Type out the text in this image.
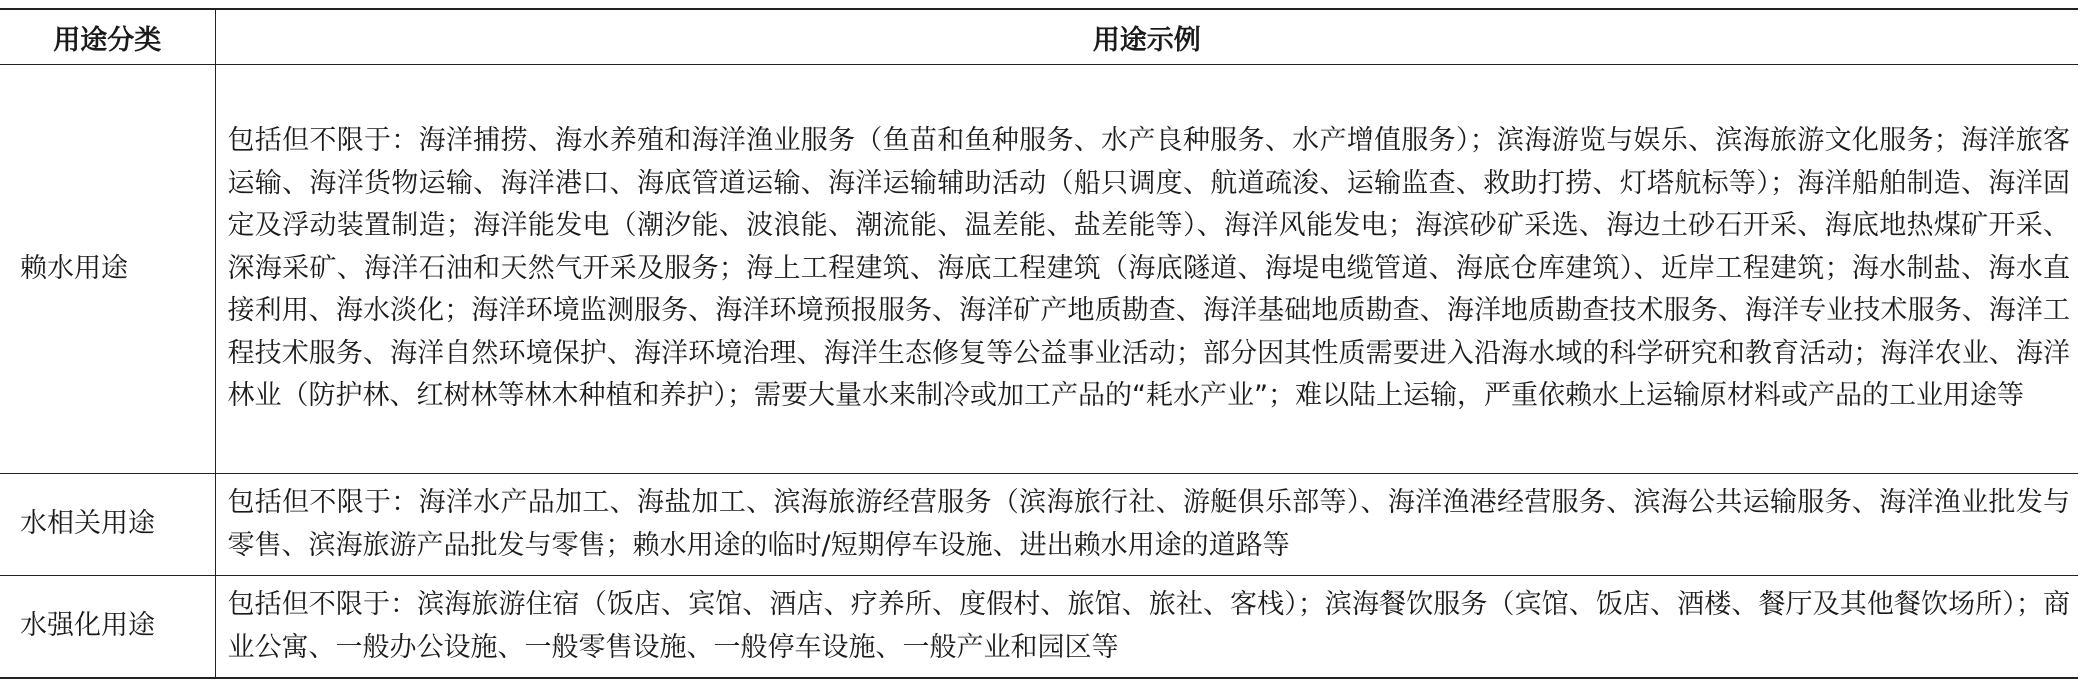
用途分类	用途示例
赖水用途	包括但不限于：海洋捕捞、海水养殖和海洋渔业服务（鱼苗和鱼种服务、水产良种服务、水产增值服务）；滨海游览与娱乐、滨海旅游文化服务；海洋旅客运输、海洋货物运输、海洋港口、海底管道运输、海洋运输辅助活动（船只调度、航道疏浚、运输监查、救助打捞、灯塔航标等）；海洋船舶制造、海洋固定及浮动装置制造；海洋能发电（潮汐能、波浪能、潮流能、温差能、盐差能等）、海洋风能发电；海滨砂矿采选、海边土砂石开采、海底地热煤矿开采、深海采矿、海洋石油和天然气开采及服务；海上工程建筑、海底工程建筑（海底隧道、海堤电缆管道、海底仓库建筑）、近岸工程建筑；海水制盐、海水直接利用、海水淡化；海洋环境监测服务、海洋环境预报服务、海洋矿产地质勘查、海洋基础地质勘查、海洋地质勘查技术服务、海洋专业技术服务、海洋工程技术服务、海洋自然环境保护、海洋环境治理、海洋生态修复等公益事业活动；部分因其性质需要进入沿海水域的科学研究和教育活动；海洋农业、海洋林业（防护林、红树林等林木种植和养护）；需要大量水来制冷或加工产品的“耗水产业”；难以陆上运输，严重依赖水上运输原材料或产品的工业用途等
水相关用途	包括但不限于：海洋水产品加工、海盐加工、滨海旅游经营服务（滨海旅行社、游艇俱乐部等）、海洋渔港经营服务、滨海公共运输服务、海洋渔业批发与零售、滨海旅游产品批发与零售；赖水用途的临时/短期停车设施、进出赖水用途的道路等
水强化用途	包括但不限于：滨海旅游住宿（饭店、宾馆、酒店、疗养所、度假村、旅馆、旅社、客栈）；滨海餐饮服务（宾馆、饭店、酒楼、餐厅及其他餐饮场所）；商业公寓、一般办公设施、一般零售设施、一般停车设施、一般产业和园区等
